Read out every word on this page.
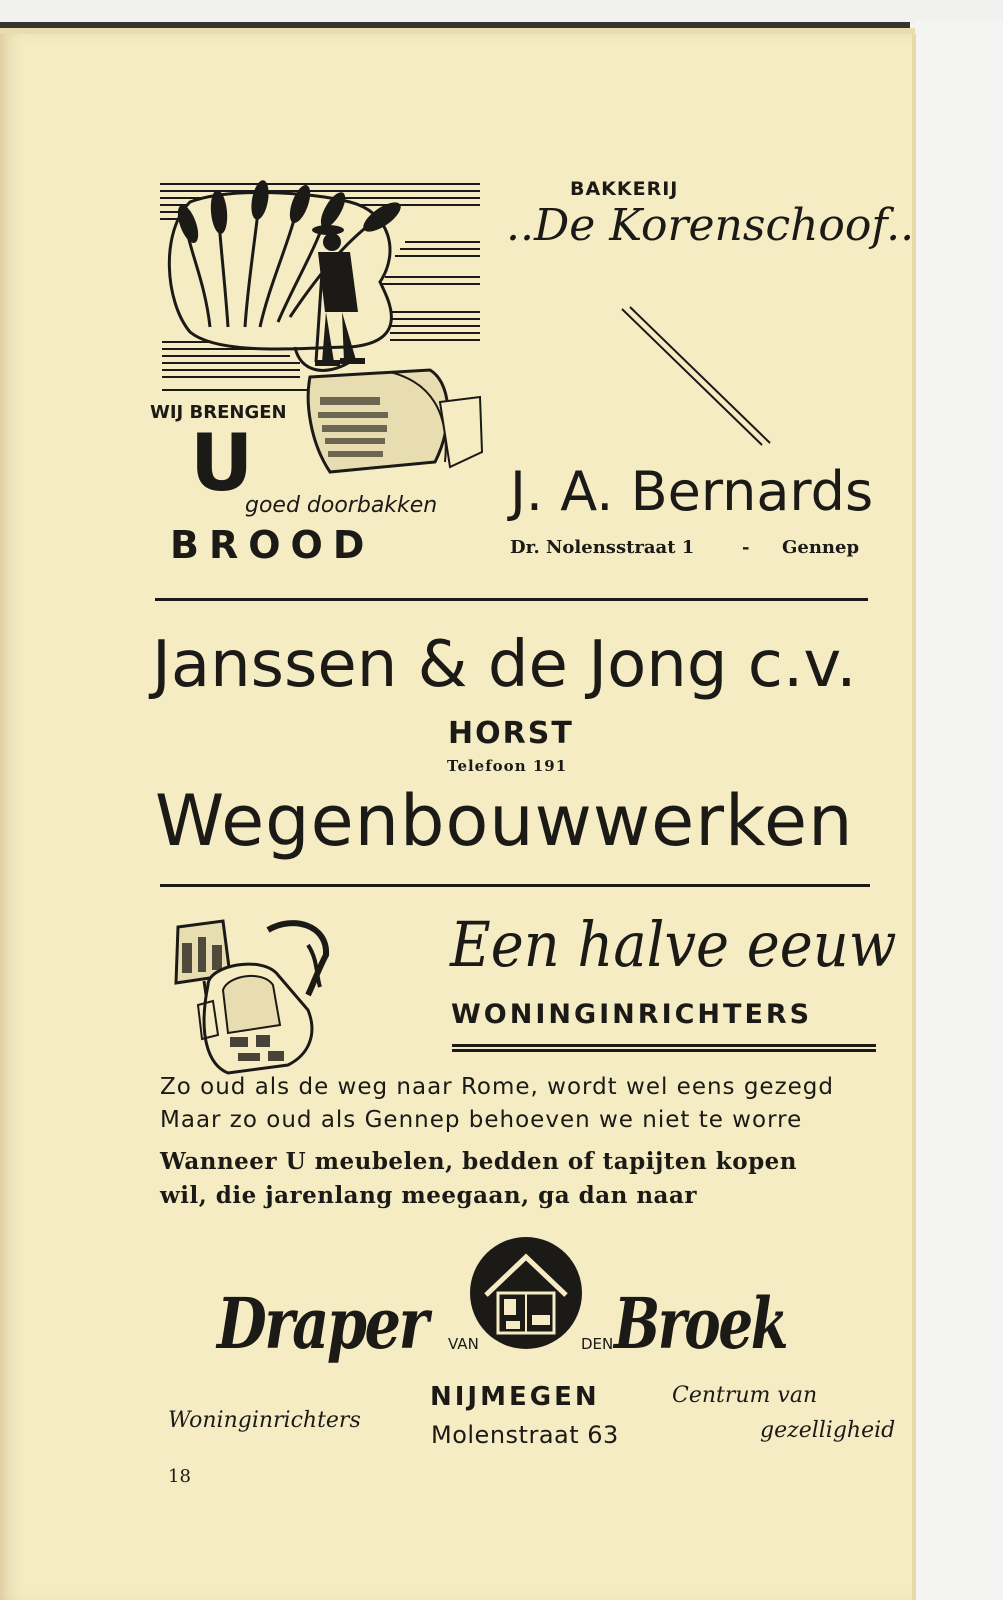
WIJ BRENGEN
U
goed doorbakken
BROOD
BAKKERIJ
..De Korenschoof..
J. A. Bernards
Dr. Nolensstraat 1	- Gennep
Janssen & de Jong c.v.
HORST
Telefoon 191
Wegenbouwwerken
Een halve eeuw
WONINGINRICHTERS
Zo oud als de weg naar Rome, wordt wel eens gezegd
Maar zo oud als Gennep behoeven we niet te worre
Wanneer U meubelen, bedden of tapijten kopen
wil, die jarenlang meegaan, ga dan naar
Draper VAN	DEN Broek
Woninginrichters
NIJMEGEN
Molenstraat 63
Centrum van
gezelligheid
18
